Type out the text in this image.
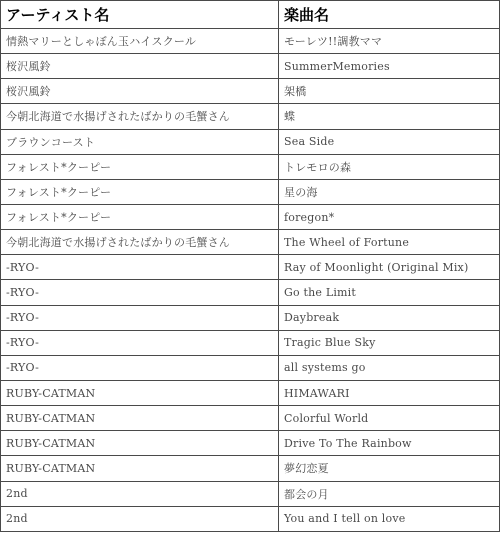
アーティスト名	楽曲名
情熱マリーとしゃぼん玉ハイスクール	モーレツ!!調教ママ
桜沢風鈴	SummerMemories
桜沢風鈴	架橋
今朝北海道で水揚げされたばかりの毛蟹さん	蝶
ブラウンコースト	Sea Side
フォレスト*クーピー	トレモロの森
フォレスト*クーピー	星の海
フォレスト*クーピー	foregon*
今朝北海道で水揚げされたばかりの毛蟹さん	The Wheel of Fortune
-RYO-	Ray of Moonlight (Original Mix)
-RYO-	Go the Limit
-RYO-	Daybreak
-RYO-	Tragic Blue Sky
-RYO-	all systems go
RUBY-CATMAN	HIMAWARI
RUBY-CATMAN	Colorful World
RUBY-CATMAN	Drive To The Rainbow
RUBY-CATMAN	夢幻恋夏
2nd	都会の月
2nd	You and I tell on love
